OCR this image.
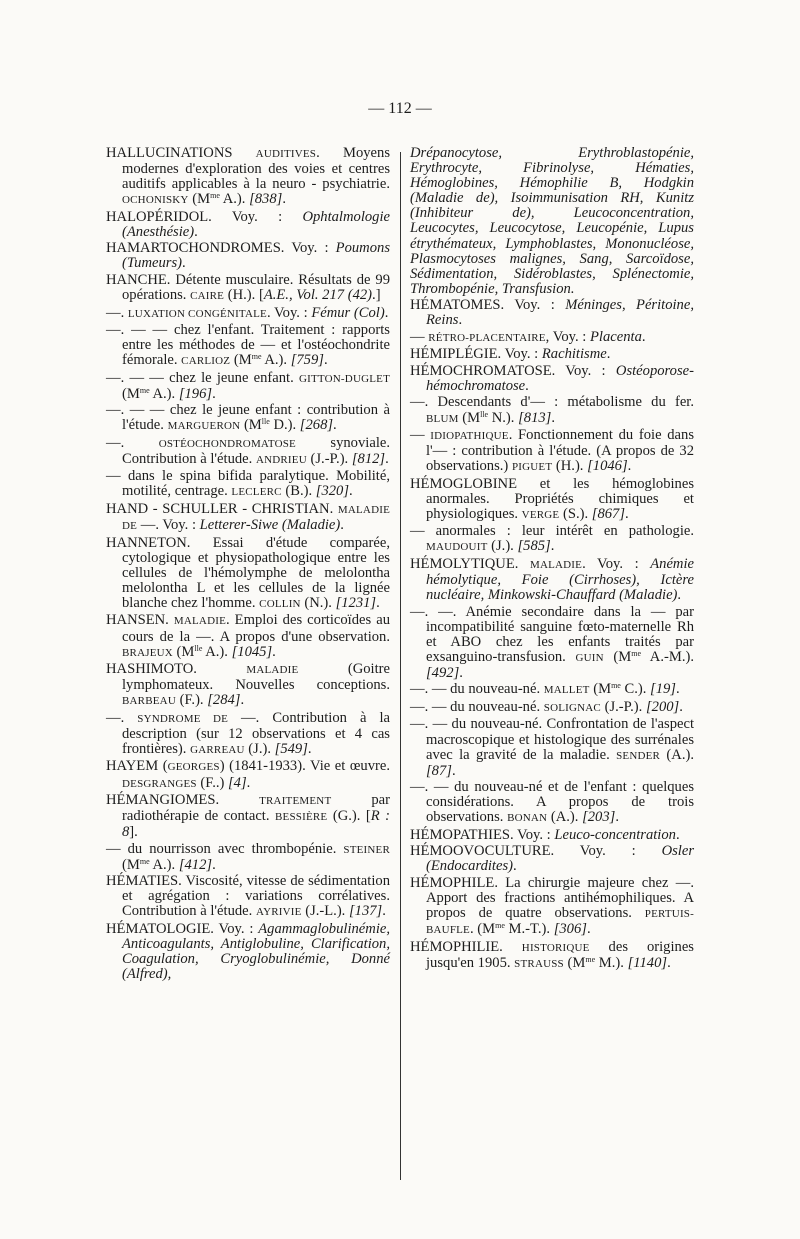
— 112 —

HALLUCINATIONS AUDITIVES. Moyens modernes d'exploration des voies et centres auditifs applicables à la neuro - psychiatrie. OCHONISKY ($M^{me}$ A.). [838].

HALOPÉRIDOL. Voy. : Ophtalmologie (Anesthésie).

HAMARTOCHONDROMES. Voy. : Poumons (Tumeurs).

HANCHE. Détente musculaire. Résultats de 99 opérations. CAIRE (H.). [A.E., Vol. 217 (42).]

—. LUXATION CONGÉNITALE. Voy. : Fémur (Col).

—. — — chez l'enfant. Traitement : rapports entre les méthodes de — et l'ostéochondrite fémorale. CARLIOZ ($M^{me}$ A.). [759].

—. — — chez le jeune enfant. GITTON-DUGLET ($M^{me}$ A.). [196].

—. — — chez le jeune enfant : contribution à l'étude. MARGUERON ($M^{lle}$ D.). [268].

—. OSTÉOCHONDROMATOSE synoviale. Contribution à l'étude. ANDRIEU (J.-P.). [812].

— dans le spina bifida paralytique. Mobilité, motilité, centrage. LECLERC (B.). [320].

HAND - SCHULLER - CHRISTIAN. MALADIE DE —. Voy. : Letterer-Siwe (Maladie).

HANNETON. Essai d'étude comparée, cytologique et physiopathologique entre les cellules de l'hémolymphe de melolontha melolontha L et les cellules de la lignée blanche chez l'homme. COLLIN (N.). [1231].

HANSEN. MALADIE. Emploi des corticoïdes au cours de la —. A propos d'une observation. BRAJEUX ($M^{lle}$ A.). [1045].

HASHIMOTO. MALADIE (Goitre lymphomateux. Nouvelles conceptions. BARBEAU (F.). [284].

—. SYNDROME DE —. Contribution à la description (sur 12 observations et 4 cas frontières). GARREAU (J.). [549].

HAYEM (GEORGES) (1841-1933). Vie et œuvre. DESGRANGES (F..) [4].

HÉMANGIOMES. TRAITEMENT par radiothérapie de contact. BESSIÈRE (G.). [R : 8].

— du nourrisson avec thrombopénie. STEINER ($M^{me}$ A.). [412].

HÉMATIES. Viscosité, vitesse de sédimentation et agrégation : variations corrélatives. Contribution à l'étude. AYRIVIE (J.-L.). [137].

HÉMATOLOGIE. Voy. : Agammaglobulinémie, Anticoagulants, Antiglobuline, Clarification, Coagulation, Cryoglobulinémie, Donné (Alfred),

Drépanocytose, Erythroblastopénie, Erythrocyte, Fibrinolyse, Hématies, Hémoglobines, Hémophilie B, Hodgkin (Maladie de), Isoimmunisation RH, Kunitz (Inhibiteur de), Leucoconcentration, Leucocytes, Leucocytose, Leucopénie, Lupus étrythémateux, Lymphoblastes, Mononucléose, Plasmocytoses malignes, Sang, Sarcoïdose, Sédimentation, Sidéroblastes, Splénectomie, Thrombopénie, Transfusion.

HÉMATOMES. Voy. : Méninges, Péritoine, Reins.

— RÉTRO-PLACENTAIRE, Voy. : Placenta.

HÉMIPLÉGIE. Voy. : Rachitisme.

HÉMOCHROMATOSE. Voy. : Ostéoporose-hémochromatose.

—. Descendants d'— : métabolisme du fer. BLUM ($M^{lle}$ N.). [813].

— IDIOPATHIQUE. Fonctionnement du foie dans l'— : contribution à l'étude. (A propos de 32 observations.) PIGUET (H.). [1046].

HÉMOGLOBINE et les hémoglobines anormales. Propriétés chimiques et physiologiques. VERGE (S.). [867].

— anormales : leur intérêt en pathologie. MAUDOUIT (J.). [585].

HÉMOLYTIQUE. MALADIE. Voy. : Anémie hémolytique, Foie (Cirrhoses), Ictère nucléaire, Minkowski-Chauffard (Maladie).

—. —. Anémie secondaire dans la — par incompatibilité sanguine fœto-maternelle Rh et ABO chez les enfants traités par exsanguino-transfusion. GUIN ($M^{me}$ A.-M.). [492].

—. — du nouveau-né. MALLET ($M^{me}$ C.). [19].

—. — du nouveau-né. SOLIGNAC (J.-P.). [200].

—. — du nouveau-né. Confrontation de l'aspect macroscopique et histologique des surrénales avec la gravité de la maladie. SENDER (A.). [87].

—. — du nouveau-né et de l'enfant : quelques considérations. A propos de trois observations. BONAN (A.). [203].

HÉMOPATHIES. Voy. : Leuco-concentration.

HÉMOOVOCULTURE. Voy. : Osler (Endocardites).

HÉMOPHILE. La chirurgie majeure chez —. Apport des fractions antihémophiliques. A propos de quatre observations. PERTUIS-BAUFLE. ($M^{me}$ M.-T.). [306].

HÉMOPHILIE. HISTORIQUE des origines jusqu'en 1905. STRAUSS ($M^{me}$ M.). [1140].
